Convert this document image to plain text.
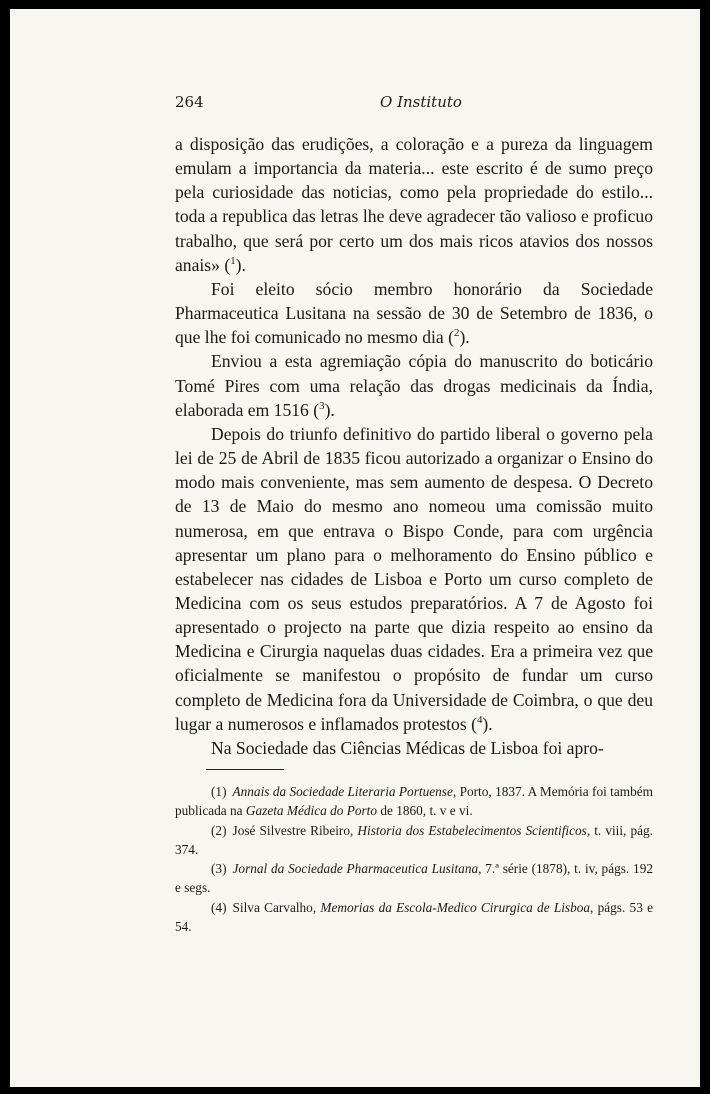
264	O Instituto

a disposição das erudições, a coloração e a pureza da linguagem emulam a importancia da materia... este escrito é de sumo preço pela curiosidade das noticias, como pela propriedade do estilo... toda a republica das letras lhe deve agradecer tão valioso e proficuo trabalho, que será por certo um dos mais ricos atavios dos nossos anais» ($^1$).

Foi eleito sócio membro honorário da Sociedade Pharmaceutica Lusitana na sessão de 30 de Setembro de 1836, o que lhe foi comunicado no mesmo dia ($^2$).

Enviou a esta agremiação cópia do manuscrito do boticário Tomé Pires com uma relação das drogas medicinais da Índia, elaborada em 1516 ($^3$).

Depois do triunfo definitivo do partido liberal o governo pela lei de 25 de Abril de 1835 ficou autorizado a organizar o Ensino do modo mais conveniente, mas sem aumento de despesa. O Decreto de 13 de Maio do mesmo ano nomeou uma comissão muito numerosa, em que entrava o Bispo Conde, para com urgência apresentar um plano para o melhoramento do Ensino público e estabelecer nas cidades de Lisboa e Porto um curso completo de Medicina com os seus estudos preparatórios. A 7 de Agosto foi apresentado o projecto na parte que dizia respeito ao ensino da Medicina e Cirurgia naquelas duas cidades. Era a primeira vez que oficialmente se manifestou o propósito de fundar um curso completo de Medicina fora da Universidade de Coimbra, o que deu lugar a numerosos e inflamados protestos ($^4$).

Na Sociedade das Ciências Médicas de Lisboa foi apro-

(1) Annais da Sociedade Literaria Portuense, Porto, 1837. A Memória foi também publicada na Gazeta Médica do Porto de 1860, t. v e vi.

(2) José Silvestre Ribeiro, Historia dos Estabelecimentos Scientificos, t. viii, pág. 374.

(3) Jornal da Sociedade Pharmaceutica Lusitana, 7.ª série (1878), t. iv, págs. 192 e segs.

(4) Silva Carvalho, Memorias da Escola-Medico Cirurgica de Lisboa, págs. 53 e 54.
